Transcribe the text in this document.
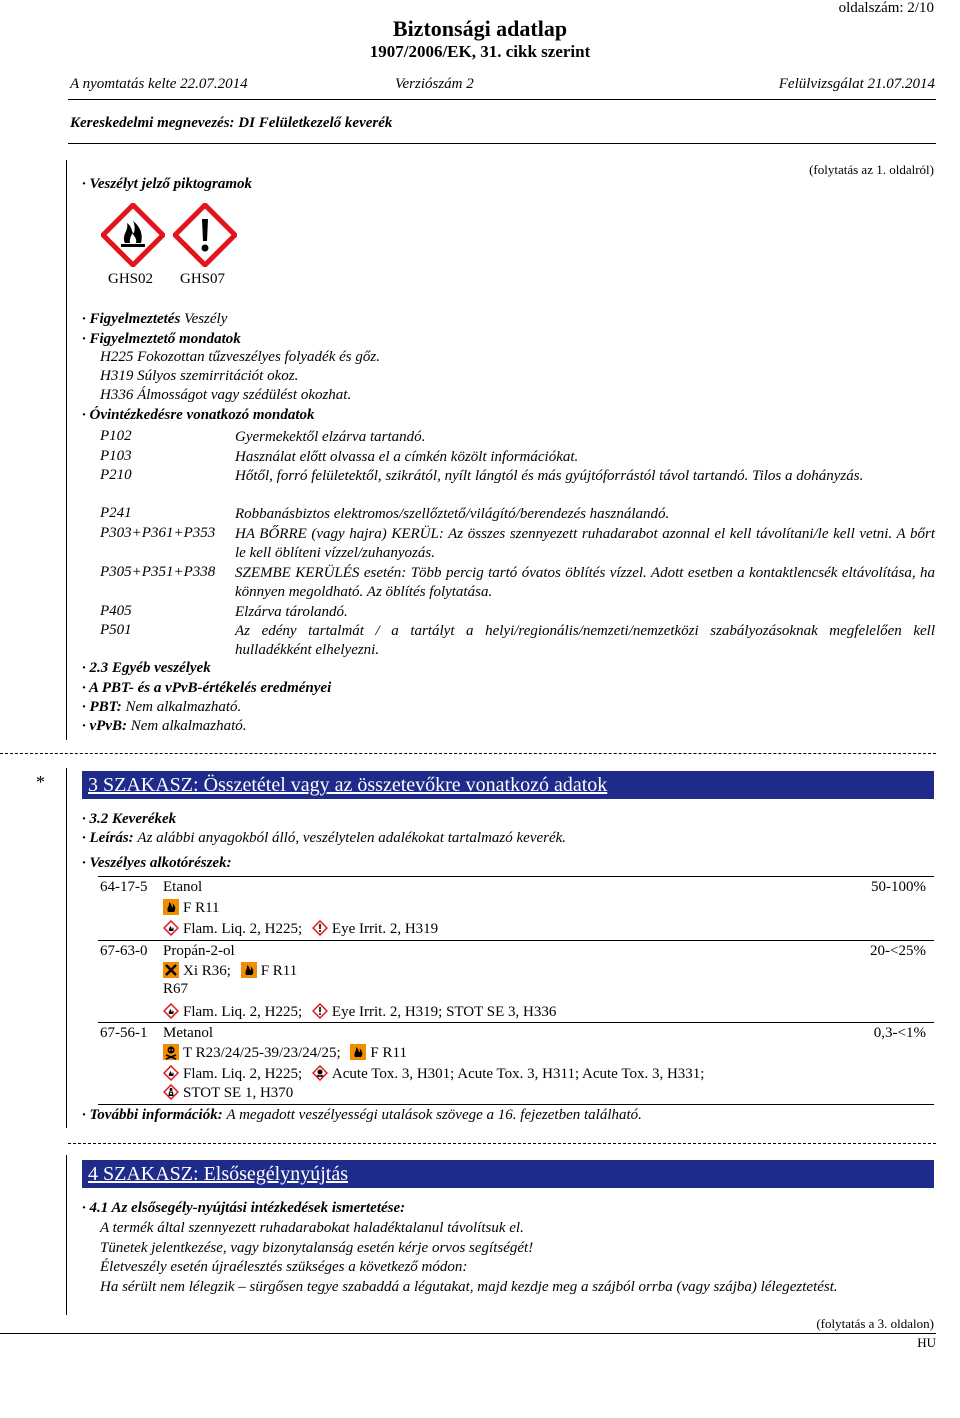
oldalszám: 2/10
Biztonsági adatlap
1907/2006/EK, 31. cikk szerint
A nyomtatás kelte 22.07.2014	Verziószám 2	Felülvizsgálat 21.07.2014
Kereskedelmi megnevezés: DI Felületkezelő keverék
(folytatás az 1. oldalról)
· Veszélyt jelző piktogramok
GHS02 GHS07
· Figyelmeztetés Veszély
· Figyelmeztető mondatok
H225 Fokozottan tűzveszélyes folyadék és gőz.
H319 Súlyos szemirritációt okoz.
H336 Álmosságot vagy szédülést okozhat.
· Óvintézkedésre vonatkozó mondatok
P102	Gyermekektől elzárva tartandó.
P103	Használat előtt olvassa el a címkén közölt információkat.
P210	Hőtől, forró felületektől, szikrától, nyílt lángtól és más gyújtóforrástól távol tartandó. Tilos a dohányzás.
P241	Robbanásbiztos elektromos/szellőztető/világító/berendezés használandó.
P303+P361+P353 HA BŐRRE (vagy hajra) KERÜL: Az összes szennyezett ruhadarabot azonnal el kell távolítani/le kell vetni. A bőrt le kell öblíteni vízzel/zuhanyozás.
P305+P351+P338 SZEMBE KERÜLÉS esetén: Több percig tartó óvatos öblítés vízzel. Adott esetben a kontaktlencsék eltávolítása, ha könnyen megoldható. Az öblítés folytatása.
P405	Elzárva tárolandó.
P501	Az edény tartalmát / a tartályt a helyi/regionális/nemzeti/nemzetközi szabályozásoknak megfelelően kell hulladékként elhelyezni.
· 2.3 Egyéb veszélyek
· A PBT- és a vPvB-értékelés eredményei
· PBT: Nem alkalmazható.
· vPvB: Nem alkalmazható.
*	3 SZAKASZ: Összetétel vagy az összetevőkre vonatkozó adatok
· 3.2 Keverékek
· Leírás: Az alábbi anyagokból álló, veszélytelen adalékokat tartalmazó keverék.
· Veszélyes alkotórészek:
64-17-5 Etanol	50-100%
F R11
Flam. Liq. 2, H225; Eye Irrit. 2, H319
67-63-0 Propán-2-ol	20-<25%
Xi R36; F R11
R67
Flam. Liq. 2, H225; Eye Irrit. 2, H319; STOT SE 3, H336
67-56-1 Metanol	0,3-<1%
T R23/24/25-39/23/24/25; F R11
Flam. Liq. 2, H225; Acute Tox. 3, H301; Acute Tox. 3, H311; Acute Tox. 3, H331;
STOT SE 1, H370
· További információk: A megadott veszélyességi utalások szövege a 16. fejezetben található.
4 SZAKASZ: Elsősegélynyújtás
· 4.1 Az elsősegély-nyújtási intézkedések ismertetése:
A termék által szennyezett ruhadarabokat haladéktalanul távolítsuk el.
Tünetek jelentkezése, vagy bizonytalanság esetén kérje orvos segítségét!
Életveszély esetén újraélesztés szükséges a következő módon:
Ha sérült nem lélegzik – sürgősen tegye szabaddá a légutakat, majd kezdje meg a szájból orrba (vagy szájba) lélegeztetést.
(folytatás a 3. oldalon)
HU
